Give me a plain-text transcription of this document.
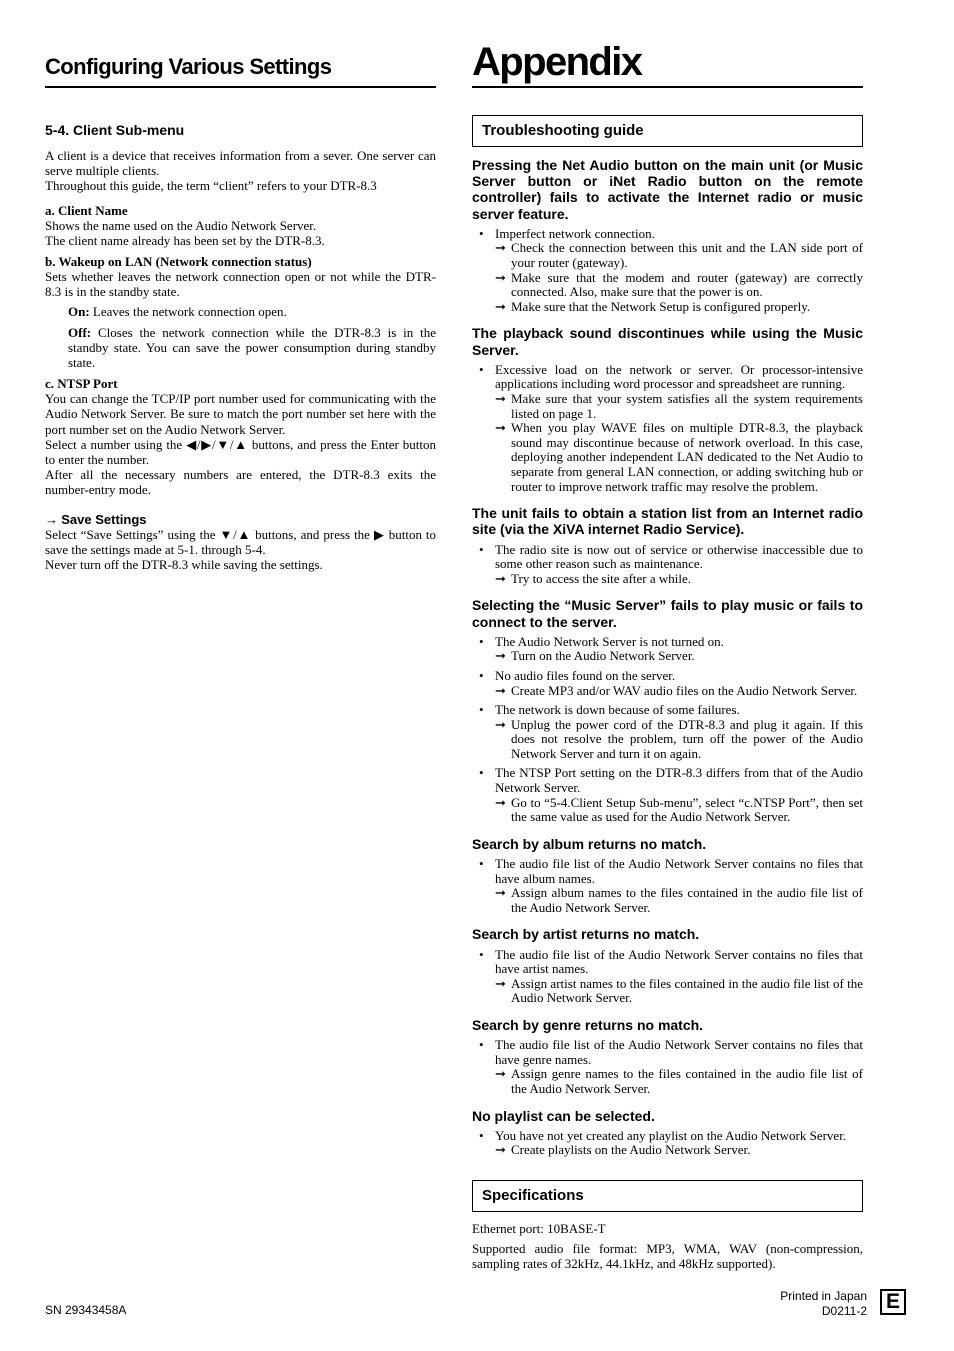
Configuring Various Settings
5-4. Client Sub-menu

A client is a device that receives information from a sever. One server can serve multiple clients.

Throughout this guide, the term “client” refers to your DTR-8.3

a. Client Name

Shows the name used on the Audio Network Server.

The client name already has been set by the DTR-8.3.

b. Wakeup on LAN (Network connection status)

Sets whether leaves the network connection open or not while the DTR-8.3 is in the standby state.

On: Leaves the network connection open.

Off: Closes the network connection while the DTR-8.3 is in the standby state. You can save the power consumption during standby state.

c. NTSP Port

You can change the TCP/IP port number used for communicating with the Audio Network Server. Be sure to match the port number set here with the port number set on the Audio Network Server.

Select a number using the ◀/▶/▼/▲ buttons, and press the Enter button to enter the number.

After all the necessary numbers are entered, the DTR-8.3 exits the number-entry mode.

→ Save Settings

Select “Save Settings” using the ▼/▲ buttons, and press the ▶ button to save the settings made at 5-1. through 5-4.

Never turn off the DTR-8.3 while saving the settings.

Appendix
Troubleshooting guide
Pressing the Net Audio button on the main unit (or Music Server button or iNet Radio button on the remote controller) fails to activate the Internet radio or music server feature.
• Imperfect network connection.
➞ Check the connection between this unit and the LAN side port of your router (gateway).
➞ Make sure that the modem and router (gateway) are correctly connected. Also, make sure that the power is on.
➞ Make sure that the Network Setup is configured properly.
The playback sound discontinues while using the Music Server.
• Excessive load on the network or server. Or processor-intensive applications including word processor and spreadsheet are running.
➞ Make sure that your system satisfies all the system requirements listed on page 1.
➞ When you play WAVE files on multiple DTR-8.3, the playback sound may discontinue because of network overload. In this case, deploying another independent LAN dedicated to the Net Audio to separate from general LAN connection, or adding switching hub or router to improve network traffic may resolve the problem.
The unit fails to obtain a station list from an Internet radio site (via the XiVA internet Radio Service).
• The radio site is now out of service or otherwise inaccessible due to some other reason such as maintenance.
➞ Try to access the site after a while.
Selecting the “Music Server” fails to play music or fails to connect to the server.
• The Audio Network Server is not turned on.
➞ Turn on the Audio Network Server.
• No audio files found on the server.
➞ Create MP3 and/or WAV audio files on the Audio Network Server.
• The network is down because of some failures.
➞ Unplug the power cord of the DTR-8.3 and plug it again. If this does not resolve the problem, turn off the power of the Audio Network Server and turn it on again.
• The NTSP Port setting on the DTR-8.3 differs from that of the Audio Network Server.
➞ Go to “5-4.Client Setup Sub-menu”, select “c.NTSP Port”, then set the same value as used for the Audio Network Server.
Search by album returns no match.
• The audio file list of the Audio Network Server contains no files that have album names.
➞ Assign album names to the files contained in the audio file list of the Audio Network Server.
Search by artist returns no match.
• The audio file list of the Audio Network Server contains no files that have artist names.
➞ Assign artist names to the files contained in the audio file list of the Audio Network Server.
Search by genre returns no match.
• The audio file list of the Audio Network Server contains no files that have genre names.
➞ Assign genre names to the files contained in the audio file list of the Audio Network Server.
No playlist can be selected.
• You have not yet created any playlist on the Audio Network Server.
➞ Create playlists on the Audio Network Server.
Specifications

Ethernet port: 10BASE-T

Supported audio file format: MP3, WMA, WAV (non-compression, sampling rates of 32kHz, 44.1kHz, and 48kHz supported).

SN 29343458A
Printed in Japan
D0211-2 E
